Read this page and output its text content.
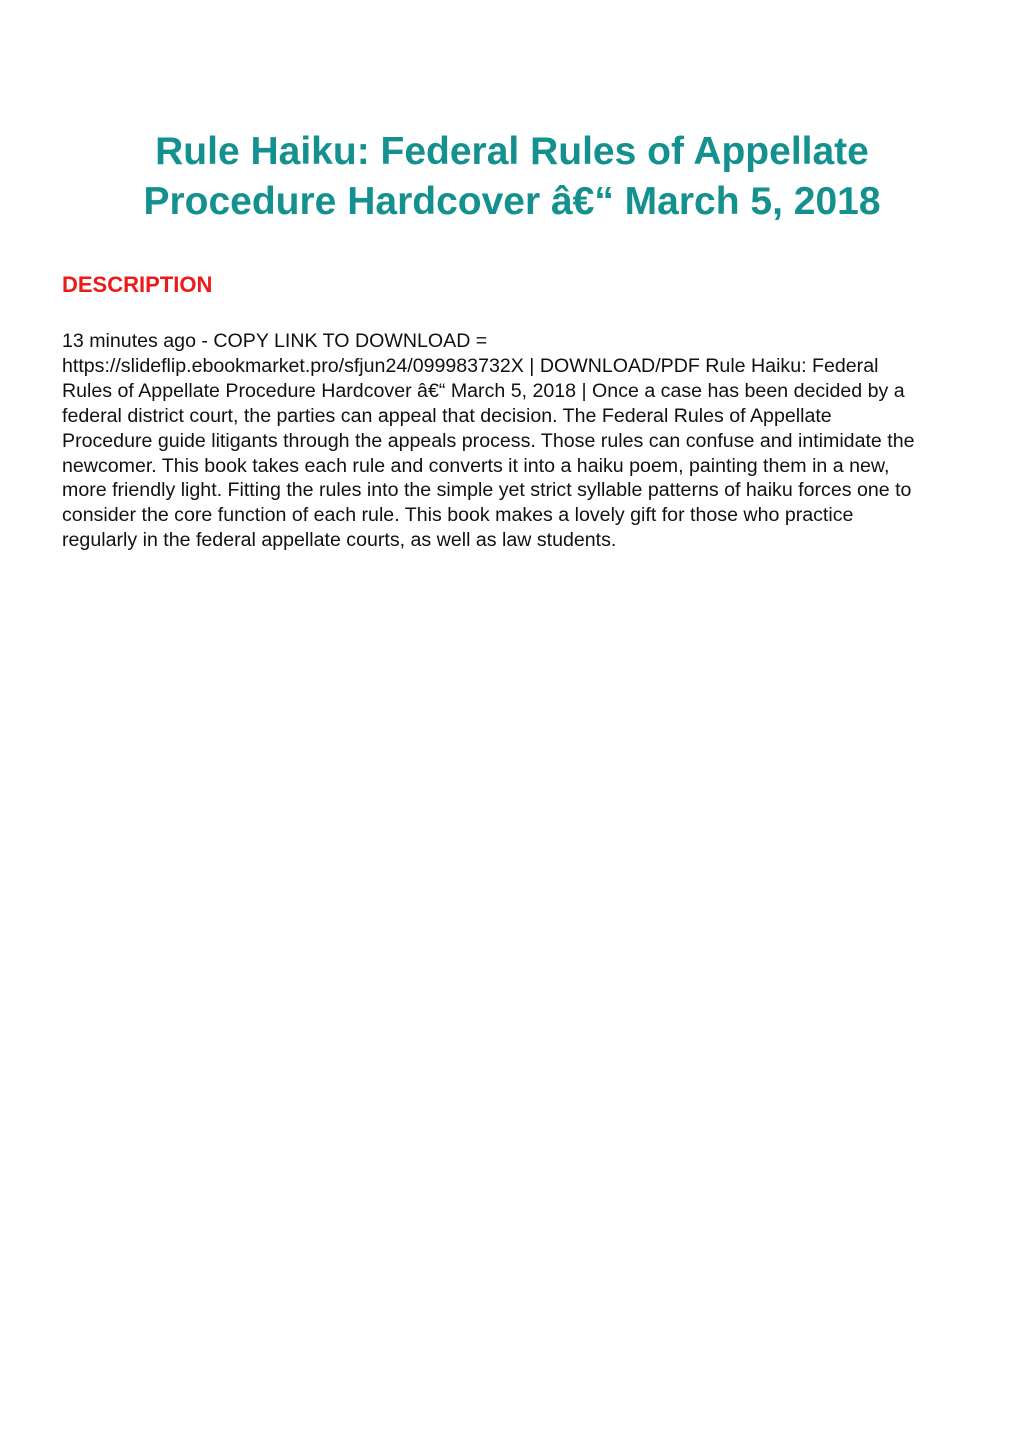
Rule Haiku: Federal Rules of Appellate
Procedure Hardcover â€“ March 5, 2018
DESCRIPTION

13 minutes ago - COPY LINK TO DOWNLOAD =
https://slideflip.ebookmarket.pro/sfjun24/099983732X | DOWNLOAD/PDF Rule Haiku: Federal
Rules of Appellate Procedure Hardcover â€“ March 5, 2018 | Once a case has been decided by a
federal district court, the parties can appeal that decision. The Federal Rules of Appellate
Procedure guide litigants through the appeals process. Those rules can confuse and intimidate the
newcomer. This book takes each rule and converts it into a haiku poem, painting them in a new,
more friendly light. Fitting the rules into the simple yet strict syllable patterns of haiku forces one to
consider the core function of each rule. This book makes a lovely gift for those who practice
regularly in the federal appellate courts, as well as law students.
